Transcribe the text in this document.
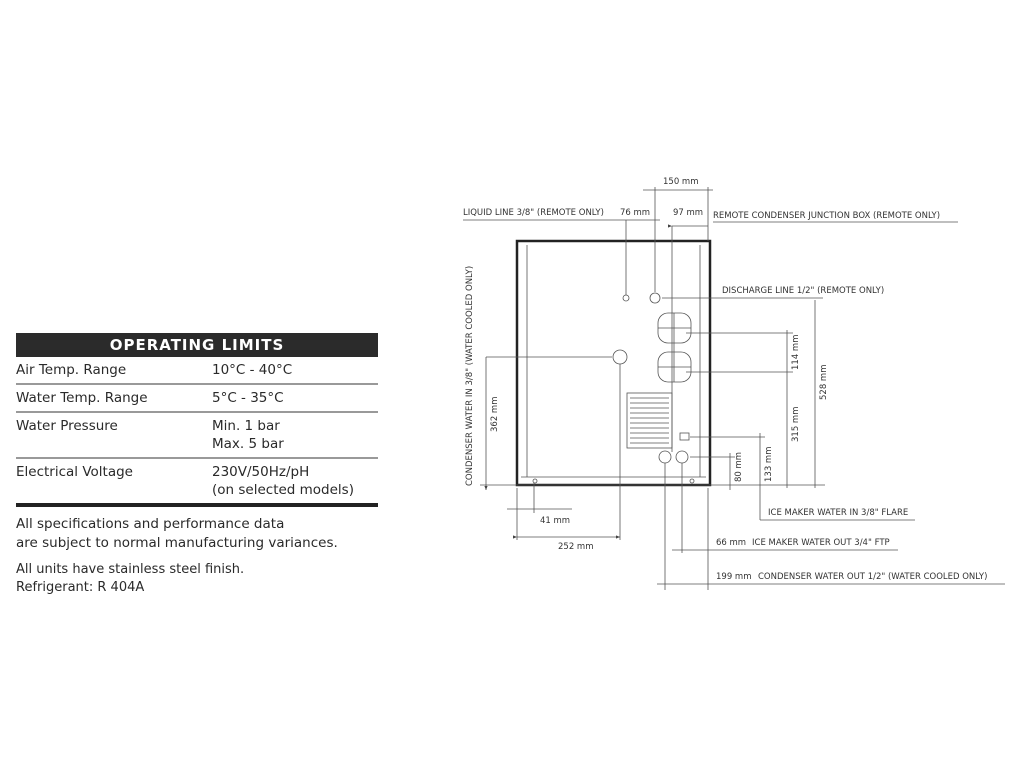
OPERATING LIMITS
Air Temp. Range	10°C - 40°C
Water Temp. Range	5°C - 35°C
Water Pressure	Min. 1 bar
Max. 5 bar
Electrical Voltage	230V/50Hz/pH
(on selected models)
All specifications and performance data
are subject to normal manufacturing variances.
All units have stainless steel finish.
Refrigerant: R 404A
150 mm
LIQUID LINE 3/8" (REMOTE ONLY) 76 mm	97 mm REMOTE CONDENSER JUNCTION BOX (REMOTE ONLY)
DISCHARGE LINE 1/2" (REMOTE ONLY)
362 mm
CONDENSER WATER IN 3/8" (WATER COOLED ONLY)	114 mm
315 mm
528 mm
133 mm
80 mm
41 mm
252 mm
ICE MAKER WATER IN 3/8" FLARE
66 mm ICE MAKER WATER OUT 3/4" FTP
199 mm CONDENSER WATER OUT 1/2" (WATER COOLED ONLY)
